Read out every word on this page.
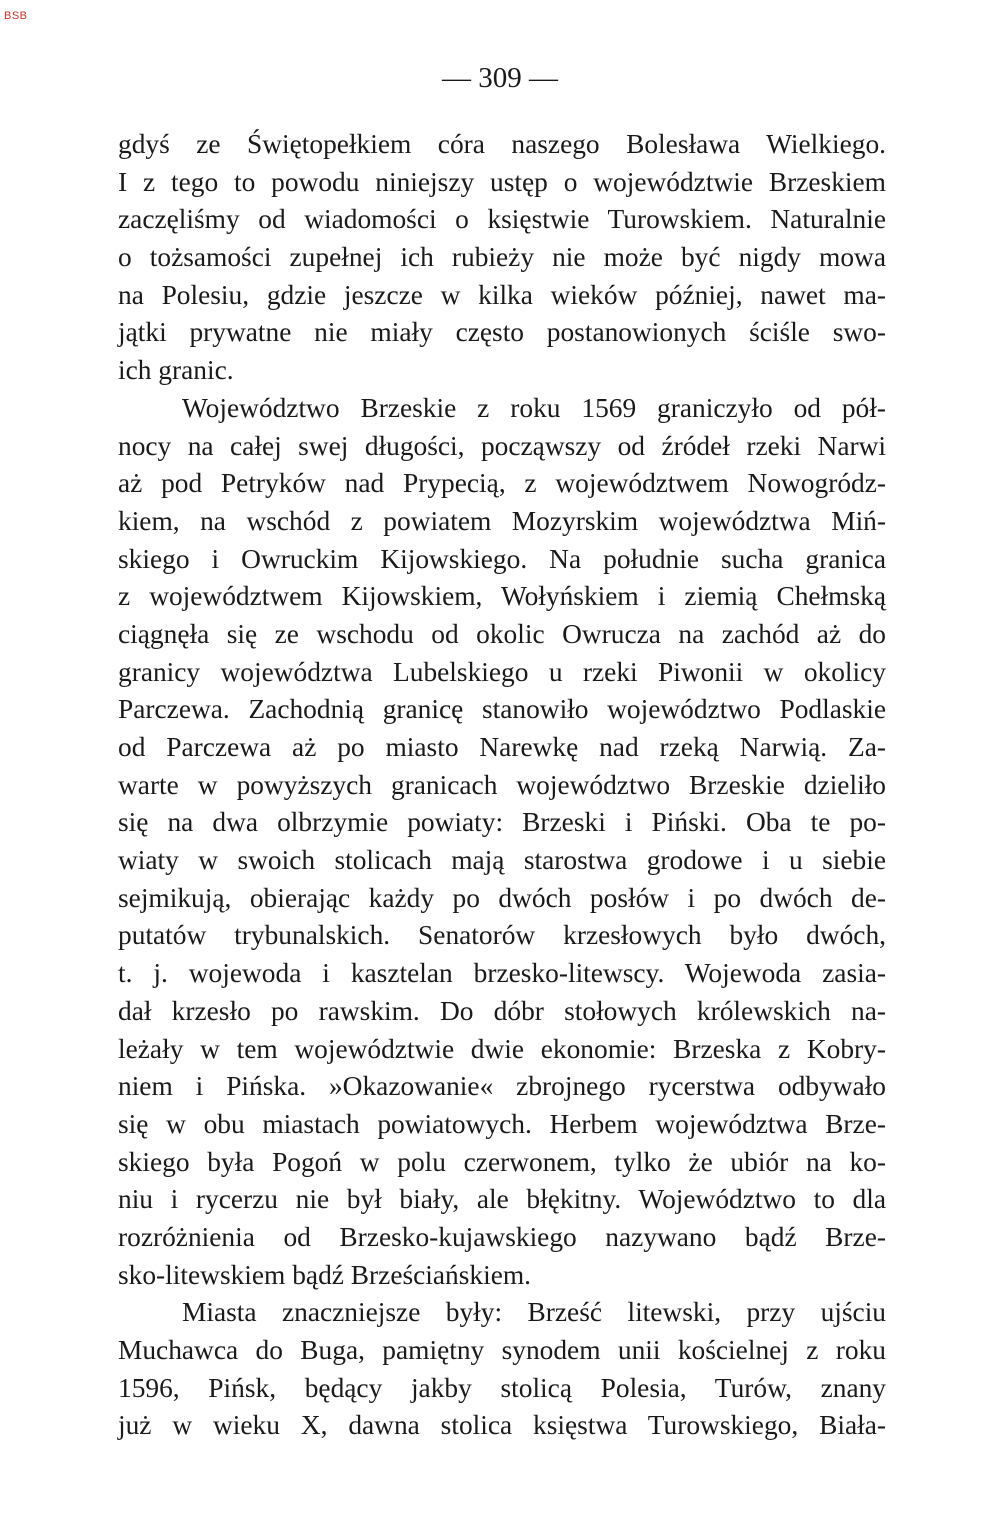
BSB
— 309 —
gdyś ze Świętopełkiem córa naszego Bolesława Wielkiego.
I z tego to powodu niniejszy ustęp o województwie Brzeskiem
zaczęliśmy od wiadomości o księstwie Turowskiem. Naturalnie
o tożsamości zupełnej ich rubieży nie może być nigdy mowa
na Polesiu, gdzie jeszcze w kilka wieków później, nawet ma-
jątki prywatne nie miały często postanowionych ściśle swo-
ich granic.
Województwo Brzeskie z roku 1569 graniczyło od pół-
nocy na całej swej długości, począwszy od źródeł rzeki Narwi
aż pod Petryków nad Prypecią, z województwem Nowogródz-
kiem, na wschód z powiatem Mozyrskim województwa Miń-
skiego i Owruckim Kijowskiego. Na południe sucha granica
z województwem Kijowskiem, Wołyńskiem i ziemią Chełmską
ciągnęła się ze wschodu od okolic Owrucza na zachód aż do
granicy województwa Lubelskiego u rzeki Piwonii w okolicy
Parczewa. Zachodnią granicę stanowiło województwo Podlaskie
od Parczewa aż po miasto Narewkę nad rzeką Narwią. Za-
warte w powyższych granicach województwo Brzeskie dzieliło
się na dwa olbrzymie powiaty: Brzeski i Piński. Oba te po-
wiaty w swoich stolicach mają starostwa grodowe i u siebie
sejmikują, obierając każdy po dwóch posłów i po dwóch de-
putatów trybunalskich. Senatorów krzesłowych było dwóch,
t. j. wojewoda i kasztelan brzesko-litewscy. Wojewoda zasia-
dał krzesło po rawskim. Do dóbr stołowych królewskich na-
leżały w tem województwie dwie ekonomie: Brzeska z Kobry-
niem i Pińska. »Okazowanie« zbrojnego rycerstwa odbywało
się w obu miastach powiatowych. Herbem województwa Brze-
skiego była Pogoń w polu czerwonem, tylko że ubiór na ko-
niu i rycerzu nie był biały, ale błękitny. Województwo to dla
rozróżnienia od Brzesko-kujawskiego nazywano bądź Brze-
sko-litewskiem bądź Brześciańskiem.
Miasta znaczniejsze były: Brześć litewski, przy ujściu
Muchawca do Buga, pamiętny synodem unii kościelnej z roku
1596, Pińsk, będący jakby stolicą Polesia, Turów, znany
już w wieku X, dawna stolica księstwa Turowskiego, Biała-
